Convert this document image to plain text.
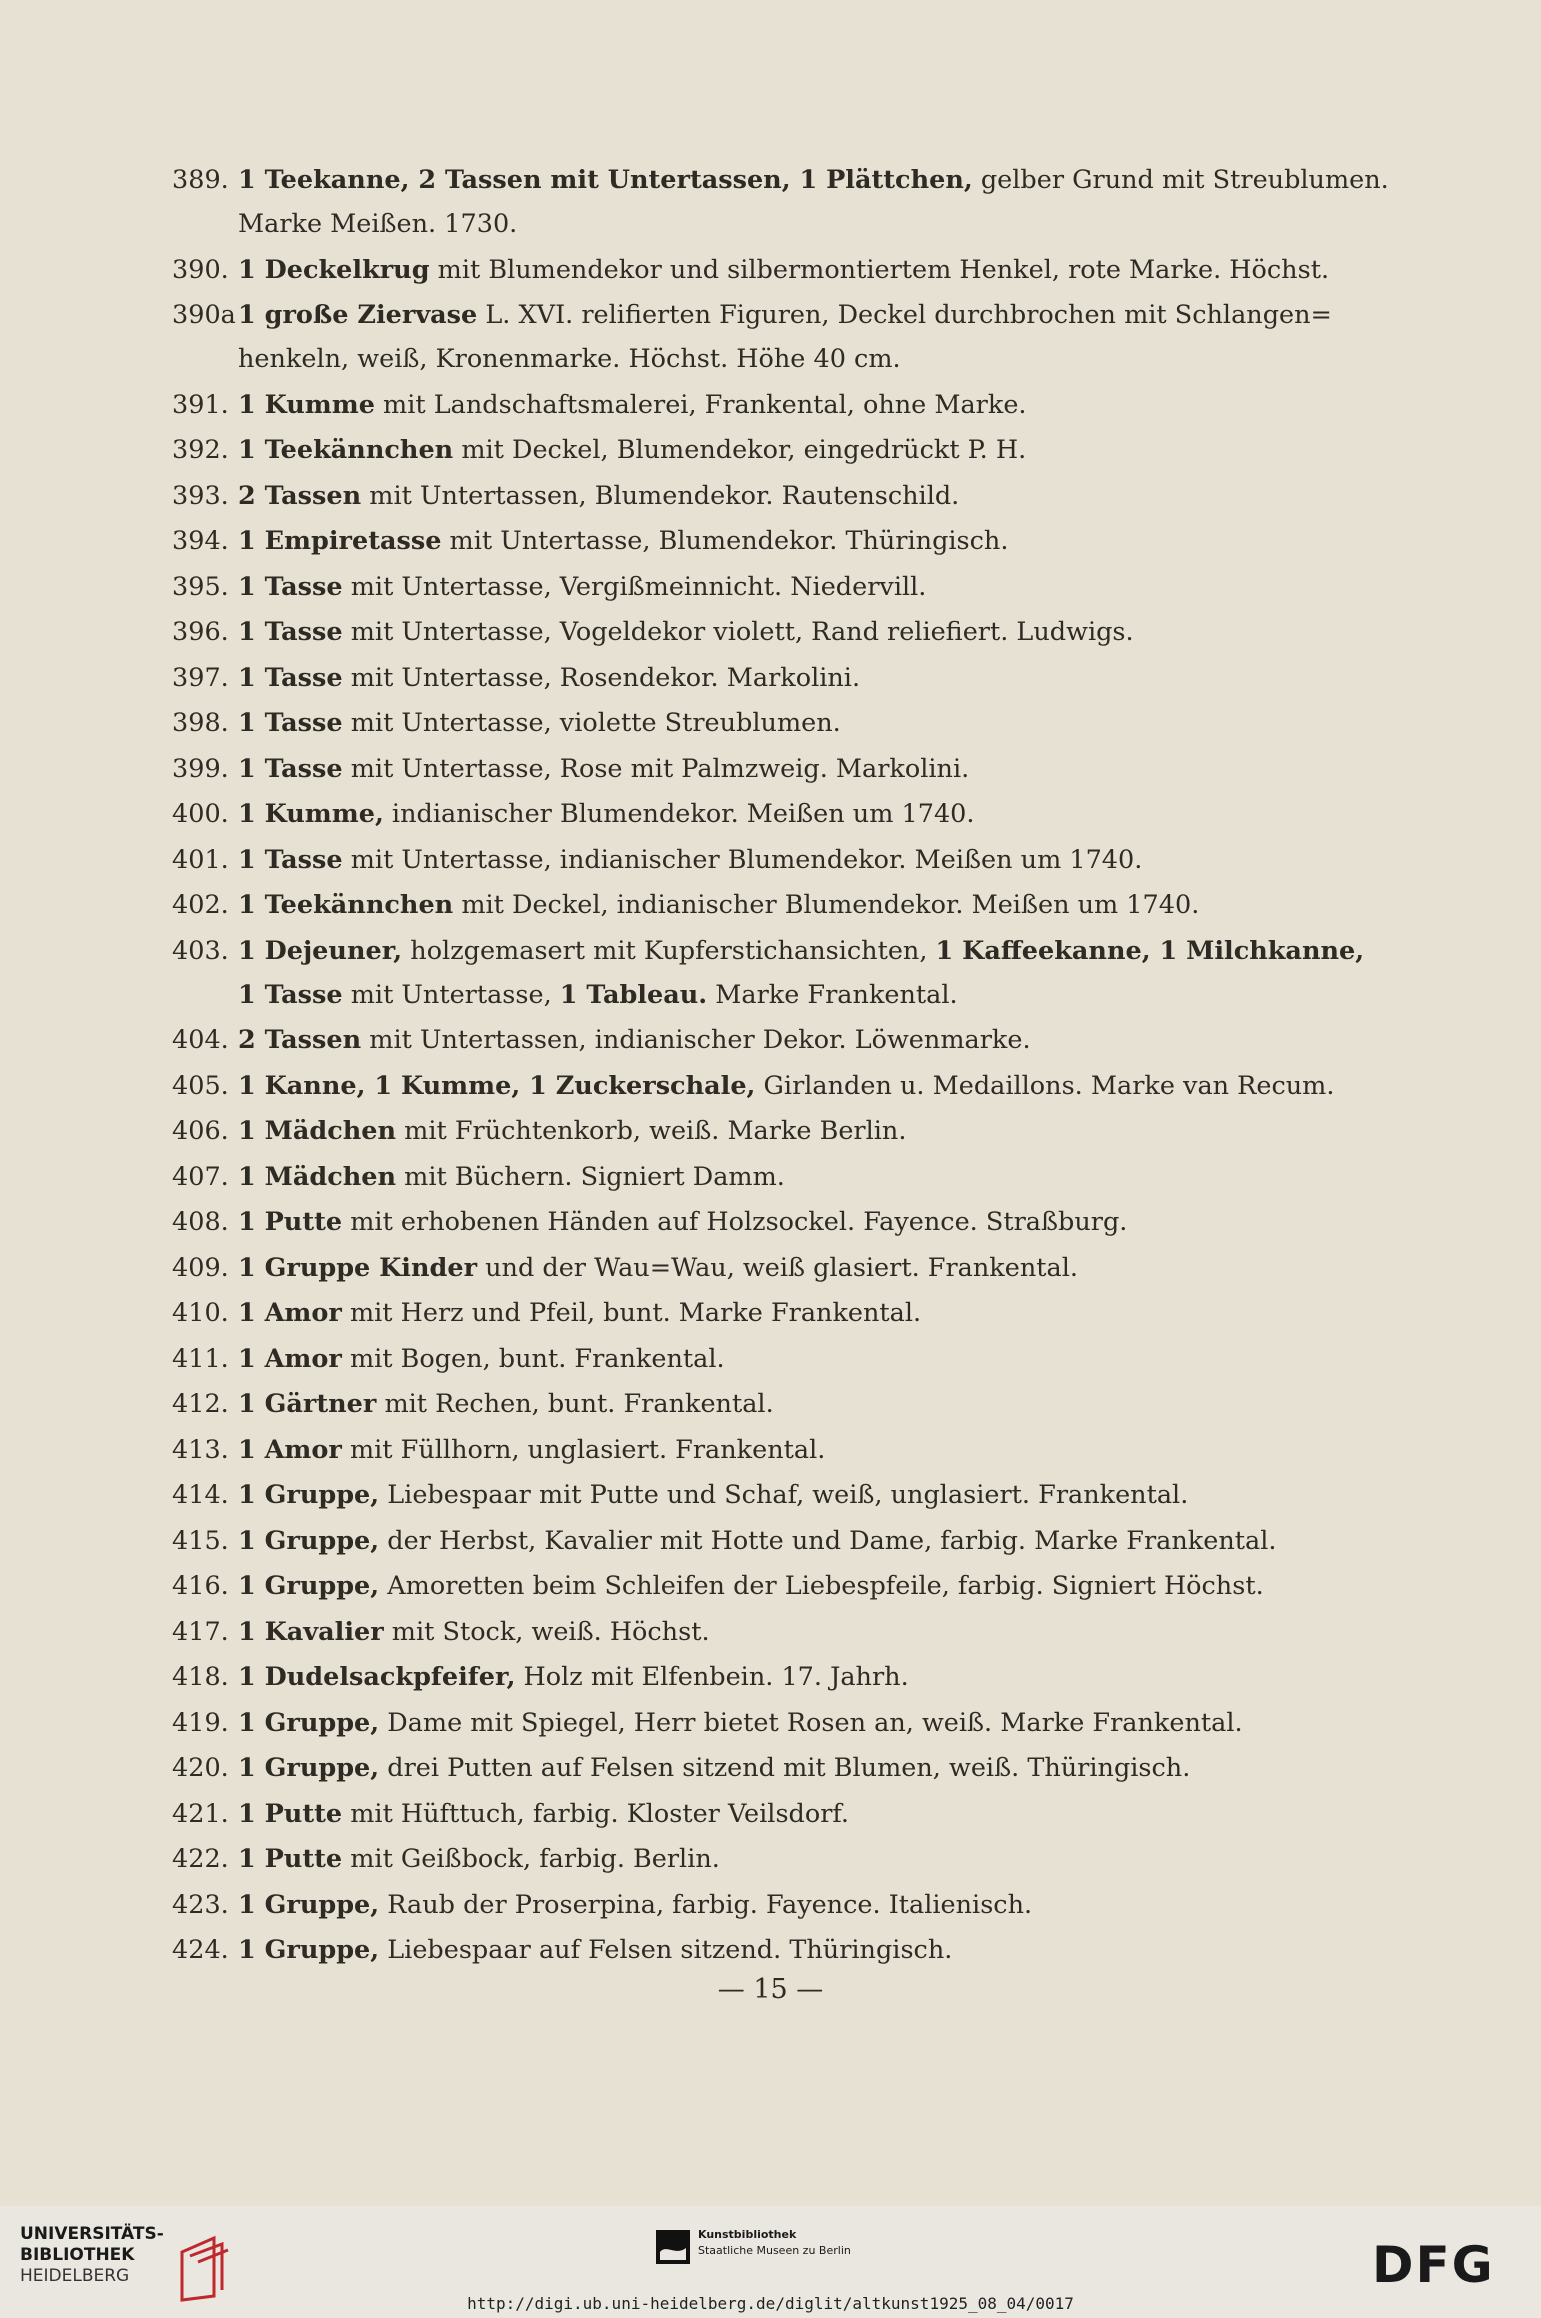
389. 1 Teekanne, 2 Tassen mit Untertassen, 1 Plättchen, gelber Grund mit Streublumen.
Marke Meißen. 1730.
390. 1 Deckelkrug mit Blumendekor und silbermontiertem Henkel, rote Marke. Höchst.
390a 1 große Ziervase L. XVI. relifierten Figuren, Deckel durchbrochen mit Schlangen=
henkeln, weiß, Kronenmarke. Höchst. Höhe 40 cm.
391. 1 Kumme mit Landschaftsmalerei, Frankental, ohne Marke.
392. 1 Teekännchen mit Deckel, Blumendekor, eingedrückt P. H.
393. 2 Tassen mit Untertassen, Blumendekor. Rautenschild.
394. 1 Empiretasse mit Untertasse, Blumendekor. Thüringisch.
395. 1 Tasse mit Untertasse, Vergißmeinnicht. Niedervill.
396. 1 Tasse mit Untertasse, Vogeldekor violett, Rand reliefiert. Ludwigs.
397. 1 Tasse mit Untertasse, Rosendekor. Markolini.
398. 1 Tasse mit Untertasse, violette Streublumen.
399. 1 Tasse mit Untertasse, Rose mit Palmzweig. Markolini.
400. 1 Kumme, indianischer Blumendekor. Meißen um 1740.
401. 1 Tasse mit Untertasse, indianischer Blumendekor. Meißen um 1740.
402. 1 Teekännchen mit Deckel, indianischer Blumendekor. Meißen um 1740.
403. 1 Dejeuner, holzgemasert mit Kupferstichansichten, 1 Kaffeekanne, 1 Milchkanne,
1 Tasse mit Untertasse, 1 Tableau. Marke Frankental.
404. 2 Tassen mit Untertassen, indianischer Dekor. Löwenmarke.
405. 1 Kanne, 1 Kumme, 1 Zuckerschale, Girlanden u. Medaillons. Marke van Recum.
406. 1 Mädchen mit Früchtenkorb, weiß. Marke Berlin.
407. 1 Mädchen mit Büchern. Signiert Damm.
408. 1 Putte mit erhobenen Händen auf Holzsockel. Fayence. Straßburg.
409. 1 Gruppe Kinder und der Wau=Wau, weiß glasiert. Frankental.
410. 1 Amor mit Herz und Pfeil, bunt. Marke Frankental.
411. 1 Amor mit Bogen, bunt. Frankental.
412. 1 Gärtner mit Rechen, bunt. Frankental.
413. 1 Amor mit Füllhorn, unglasiert. Frankental.
414. 1 Gruppe, Liebespaar mit Putte und Schaf, weiß, unglasiert. Frankental.
415. 1 Gruppe, der Herbst, Kavalier mit Hotte und Dame, farbig. Marke Frankental.
416. 1 Gruppe, Amoretten beim Schleifen der Liebespfeile, farbig. Signiert Höchst.
417. 1 Kavalier mit Stock, weiß. Höchst.
418. 1 Dudelsackpfeifer, Holz mit Elfenbein. 17. Jahrh.
419. 1 Gruppe, Dame mit Spiegel, Herr bietet Rosen an, weiß. Marke Frankental.
420. 1 Gruppe, drei Putten auf Felsen sitzend mit Blumen, weiß. Thüringisch.
421. 1 Putte mit Hüfttuch, farbig. Kloster Veilsdorf.
422. 1 Putte mit Geißbock, farbig. Berlin.
423. 1 Gruppe, Raub der Proserpina, farbig. Fayence. Italienisch.
424. 1 Gruppe, Liebespaar auf Felsen sitzend. Thüringisch.
— 15 —
UNIVERSITÄTS-
BIBLIOTHEK
HEIDELBERG
Kunstbibliothek
Staatliche Museen zu Berlin	DFG
http://digi.ub.uni-heidelberg.de/diglit/altkunst1925_08_04/0017
